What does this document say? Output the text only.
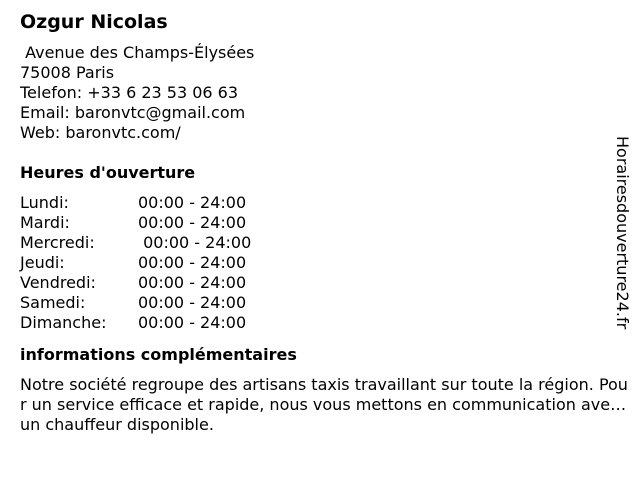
Ozgur Nicolas
Avenue des Champs-Élysées
75008 Paris
Telefon: +33 6 23 53 06 63
Email: baronvtc@gmail.com
Web: baronvtc.com/
Heures d'ouverture
Lundi:	00:00 - 24:00
Mardi:	00:00 - 24:00
Mercredi:	00:00 - 24:00
Jeudi:	00:00 - 24:00
Vendredi:	00:00 - 24:00
Samedi:	00:00 - 24:00
Dimanche:	00:00 - 24:00
informations complémentaires
Notre société regroupe des artisans taxis travaillant sur toute la région. Pour un service efficace et rapide, nous vous mettons en communication avec un chauffeur disponible.
Horairesdouverture24.fr
